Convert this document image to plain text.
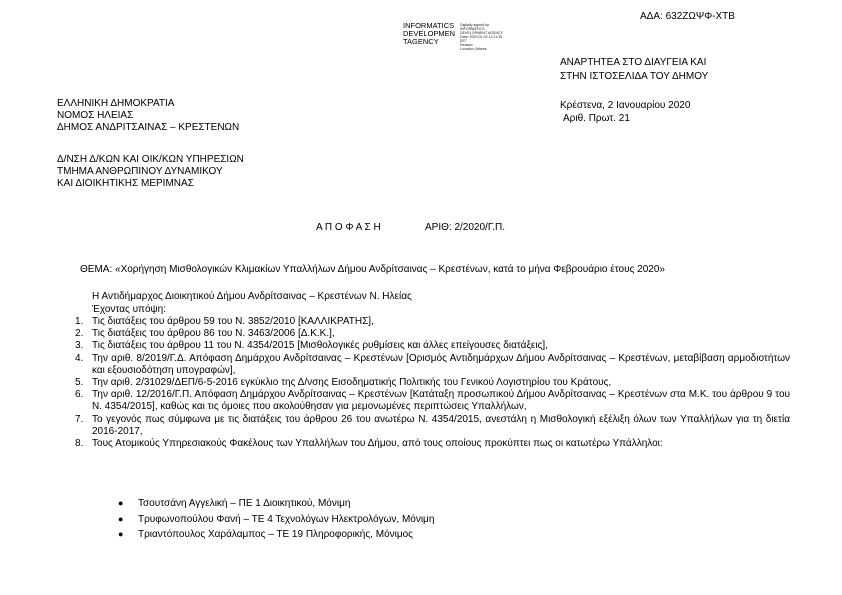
ΑΔΑ: 632ΖΩΨΦ-ΧΤΒ
INFORMATICS
DEVELOPMEN
TAGENCY
Digitally signed by
INFORMATICS
DEVELOPMENT AGENCY
Date: 2020.01.02 11:21:35
EET
Reason:
Location: Athens
ΑΝΑΡΤΗΤΕΑ ΣΤΟ ΔΙΑΥΓΕΙΑ ΚΑΙ
ΣΤΗΝ ΙΣΤΟΣΕΛΙΔΑ ΤΟΥ ΔΗΜΟΥ
ΕΛΛΗΝΙΚΗ ΔΗΜΟΚΡΑΤΙΑ
ΝΟΜΟΣ ΗΛΕΙΑΣ
ΔΗΜΟΣ ΑΝΔΡΙΤΣΑΙΝΑΣ – ΚΡΕΣΤΕΝΩΝ
Κρέστενα, 2 Ιανουαρίου 2020
Αριθ. Πρωτ. 21
Δ/ΝΣΗ Δ/ΚΩΝ ΚΑΙ ΟΙΚ/ΚΩΝ ΥΠΗΡΕΣΙΩΝ
ΤΜΗΜΑ ΑΝΘΡΩΠΙΝΟΥ ΔΥΝΑΜΙΚΟΥ
ΚΑΙ ΔΙΟΙΚΗΤΙΚΗΣ ΜΕΡΙΜΝΑΣ
Α Π Ο Φ Α Σ Η	ΑΡΙΘ: 2/2020/Γ.Π.
ΘΕΜΑ: «Χορήγηση Μισθολογικών Κλιμακίων Υπαλλήλων Δήμου Ανδρίτσαινας – Κρεστένων, κατά το μήνα Φεβρουάριο έτους 2020»
Η Αντιδήμαρχος Διοικητικού Δήμου Ανδρίτσαινας – Κρεστένων Ν. Ηλείας
Έχοντας υπόψη:
1. Τις διατάξεις του άρθρου 59 του Ν. 3852/2010 [ΚΑΛΛΙΚΡΑΤΗΣ],
2. Τις διατάξεις του άρθρου 86 του Ν. 3463/2006 [Δ.Κ.Κ.],
3. Τις διατάξεις του άρθρου 11 του Ν. 4354/2015 [Μισθολογικές ρυθμίσεις και άλλες επείγουσες διατάξεις],
4. Την αριθ. 8/2019/Γ.Δ. Απόφαση Δημάρχου Ανδρίτσαινας – Κρεστένων [Ορισμός Αντιδημάρχων Δήμου Ανδρίτσαινας – Κρεστένων, μεταβίβαση αρμοδιοτήτων και εξουσιοδότηση υπογραφών],
5. Την αριθ. 2/31029/ΔΕΠ/6-5-2016 εγκύκλιο της Δ/νσης Εισοδηματικής Πολιτικής του Γενικού Λογιστηρίου του Κράτους,
6. Την αριθ. 12/2016/Γ.Π. Απόφαση Δημάρχου Ανδρίτσαινας – Κρεστένων [Κατάταξη προσωπικού Δήμου Ανδρίτσαινας – Κρεστένων στα Μ.Κ. του άρθρου 9 του Ν. 4354/2015], καθώς και τις όμοιες που ακολούθησαν για μεμονωμένες περιπτώσεις Υπαλλήλων,
7. Το γεγονός πως σύμφωνα με τις διατάξεις του άρθρου 26 του ανωτέρω Ν. 4354/2015, ανεστάλη η Μισθολογική εξέλιξη όλων των Υπαλλήλων για τη διετία 2016-2017,
8. Τους Ατομικούς Υπηρεσιακούς Φακέλους των Υπαλλήλων του Δήμου, από τους οποίους προκύπτει πως οι κατωτέρω Υπάλληλοι:
● Τσουτσάνη Αγγελική – ΠΕ 1 Διοικητικού, Μόνιμη
● Τρυφωνοπούλου Φανή – ΤΕ 4 Τεχνολόγων Ηλεκτρολόγων, Μόνιμη
● Τριαντόπουλος Χαράλαμπος – ΤΕ 19 Πληροφορικής, Μόνιμος
